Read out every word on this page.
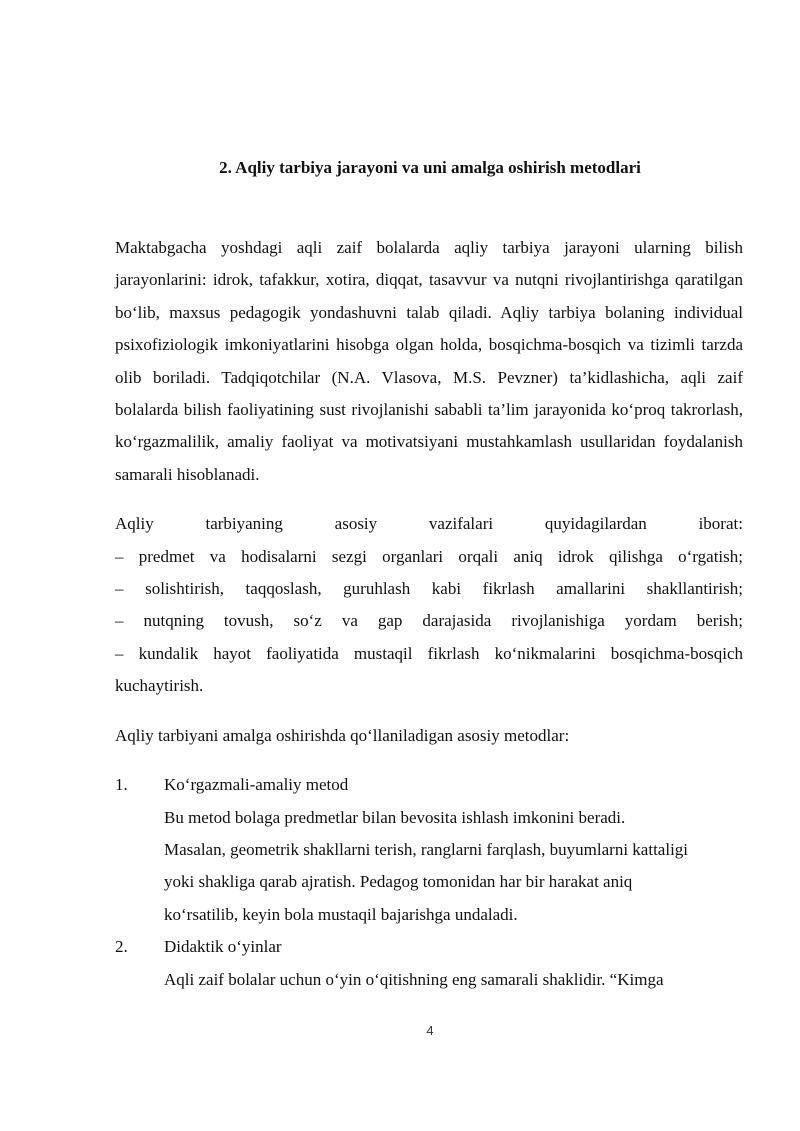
2. Aqliy tarbiya jarayoni va uni amalga oshirish metodlari

Maktabgacha yoshdagi aqli zaif bolalarda aqliy tarbiya jarayoni ularning bilish jarayonlarini: idrok, tafakkur, xotira, diqqat, tasavvur va nutqni rivojlantirishga qaratilgan bo‘lib, maxsus pedagogik yondashuvni talab qiladi. Aqliy tarbiya bolaning individual psixofiziologik imkoniyatlarini hisobga olgan holda, bosqichma-bosqich va tizimli tarzda olib boriladi. Tadqiqotchilar (N.A. Vlasova, M.S. Pevzner) ta’kidlashicha, aqli zaif bolalarda bilish faoliyatining sust rivojlanishi sababli ta’lim jarayonida ko‘proq takrorlash, ko‘rgazmalilik, amaliy faoliyat va motivatsiyani mustahkamlash usullaridan foydalanish samarali hisoblanadi.

Aqliy	tarbiyaning	asosiy	vazifalari	quyidagilardan	iborat:
– predmet va hodisalarni sezgi organlari orqali aniq idrok qilishga o‘rgatish;
– solishtirish, taqqoslash, guruhlash kabi fikrlash amallarini shakllantirish;
– nutqning tovush, so‘z va gap darajasida rivojlanishiga yordam berish;
– kundalik hayot faoliyatida mustaqil fikrlash ko‘nikmalarini bosqichma-bosqich kuchaytirish.

Aqliy tarbiyani amalga oshirishda qo‘llaniladigan asosiy metodlar:

1. Ko‘rgazmali-amaliy metod
Bu metod bolaga predmetlar bilan bevosita ishlash imkonini beradi.
Masalan, geometrik shakllarni terish, ranglarni farqlash, buyumlarni kattaligi
yoki shakliga qarab ajratish. Pedagog tomonidan har bir harakat aniq
ko‘rsatilib, keyin bola mustaqil bajarishga undaladi.
2. Didaktik o‘yinlar
Aqli zaif bolalar uchun o‘yin o‘qitishning eng samarali shaklidir. “Kimga
4
